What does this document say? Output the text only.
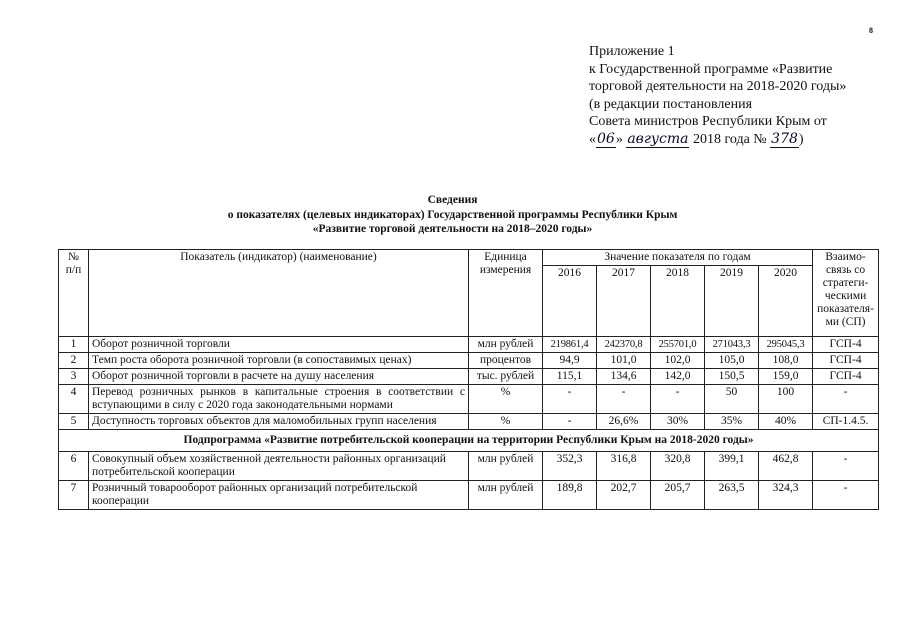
8
Приложение 1
к Государственной программе «Развитие
торговой деятельности на 2018-2020 годы»
(в редакции постановления
Совета министров Республики Крым от
«06» августа 2018 года № 378)
Сведения
о показателях (целевых индикаторах) Государственной программы Республики Крым
«Развитие торговой деятельности на 2018–2020 годы»
№ п/п	Показатель (индикатор) (наименование)	Единица измерения	Значение показателя по годам					Взаимо-связь со стратеги-ческими показателя-ми (СП)
			2016	2017	2018	2019	2020	
1	Оборот розничной торговли	млн рублей	219861,4	242370,8	255701,0	271043,3	295045,3	ГСП-4
2	Темп роста оборота розничной торговли (в сопоставимых ценах)	процентов	94,9	101,0	102,0	105,0	108,0	ГСП-4
3	Оборот розничной торговли в расчете на душу населения	тыс. рублей	115,1	134,6	142,0	150,5	159,0	ГСП-4
4	Перевод розничных рынков в капитальные строения в соответствии с вступающими в силу с 2020 года законодательными нормами	%	-	-	-	50	100	-
5	Доступность торговых объектов для маломобильных групп населения	%	-	26,6%	30%	35%	40%	СП-1.4.5.
Подпрограмма «Развитие потребительской кооперации на территории Республики Крым на 2018-2020 годы»								
6	Совокупный объем хозяйственной деятельности районных организаций потребительской кооперации	млн рублей	352,3	316,8	320,8	399,1	462,8	-
7	Розничный товарооборот районных организаций потребительской кооперации	млн рублей	189,8	202,7	205,7	263,5	324,3	-
